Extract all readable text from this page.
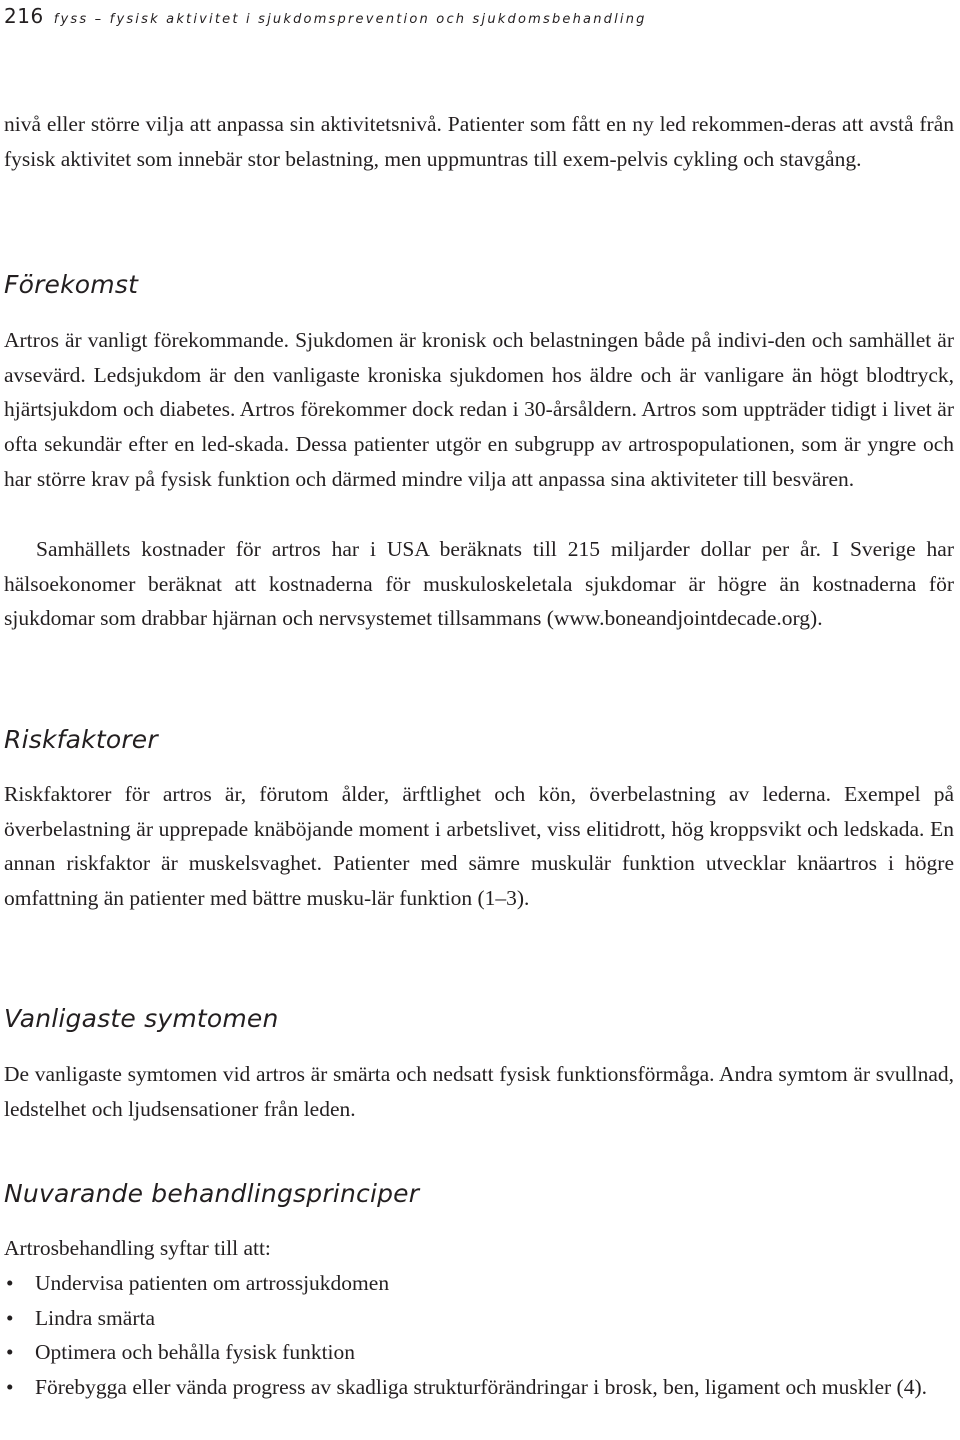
216 fyss – fysisk aktivitet i sjukdomsprevention och sjukdomsbehandling

nivå eller större vilja att anpassa sin aktivitetsnivå. Patienter som fått en ny led rekommen-deras att avstå från fysisk aktivitet som innebär stor belastning, men uppmuntras till exem-pelvis cykling och stavgång.

Förekomst

Artros är vanligt förekommande. Sjukdomen är kronisk och belastningen både på indivi-den och samhället är avsevärd. Ledsjukdom är den vanligaste kroniska sjukdomen hos äldre och är vanligare än högt blodtryck, hjärtsjukdom och diabetes. Artros förekommer dock redan i 30-årsåldern. Artros som uppträder tidigt i livet är ofta sekundär efter en led-skada. Dessa patienter utgör en subgrupp av artrospopulationen, som är yngre och har större krav på fysisk funktion och därmed mindre vilja att anpassa sina aktiviteter till besvären.

Samhällets kostnader för artros har i USA beräknats till 215 miljarder dollar per år. I Sverige har hälsoekonomer beräknat att kostnaderna för muskuloskeletala sjukdomar är högre än kostnaderna för sjukdomar som drabbar hjärnan och nervsystemet tillsammans (www.boneandjointdecade.org).

Riskfaktorer

Riskfaktorer för artros är, förutom ålder, ärftlighet och kön, överbelastning av lederna. Exempel på överbelastning är upprepade knäböjande moment i arbetslivet, viss elitidrott, hög kroppsvikt och ledskada. En annan riskfaktor är muskelsvaghet. Patienter med sämre muskulär funktion utvecklar knäartros i högre omfattning än patienter med bättre musku-lär funktion (1–3).

Vanligaste symtomen

De vanligaste symtomen vid artros är smärta och nedsatt fysisk funktionsförmåga. Andra symtom är svullnad, ledstelhet och ljudsensationer från leden.

Nuvarande behandlingsprinciper

Artrosbehandling syftar till att:

• Undervisa patienten om artrossjukdomen
• Lindra smärta
• Optimera och behålla fysisk funktion
• Förebygga eller vända progress av skadliga strukturförändringar i brosk, ben, ligament och muskler (4).
